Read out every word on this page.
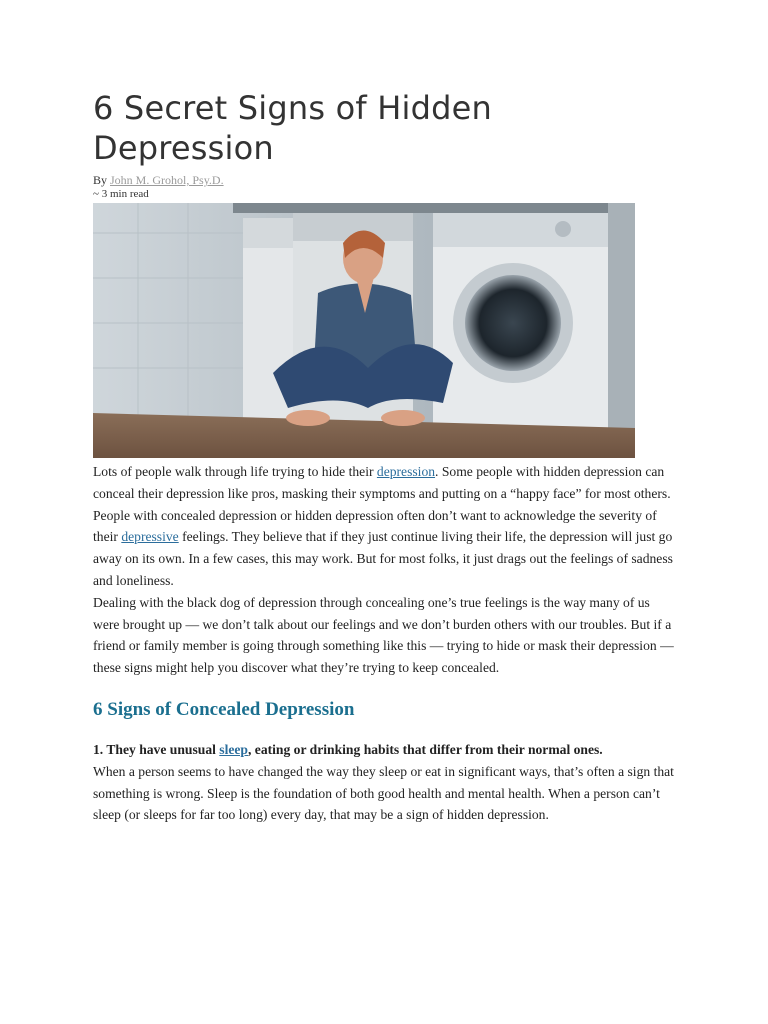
6 Secret Signs of Hidden Depression
By John M. Grohol, Psy.D.
~ 3 min read

Lots of people walk through life trying to hide their depression. Some people with hidden depression can conceal their depression like pros, masking their symptoms and putting on a “happy face” for most others.

People with concealed depression or hidden depression often don’t want to acknowledge the severity of their depressive feelings. They believe that if they just continue living their life, the depression will just go away on its own. In a few cases, this may work. But for most folks, it just drags out the feelings of sadness and loneliness.

Dealing with the black dog of depression through concealing one’s true feelings is the way many of us were brought up — we don’t talk about our feelings and we don’t burden others with our troubles. But if a friend or family member is going through something like this — trying to hide or mask their depression — these signs might help you discover what they’re trying to keep concealed.

6 Signs of Concealed Depression

1. They have unusual sleep, eating or drinking habits that differ from their normal ones.

When a person seems to have changed the way they sleep or eat in significant ways, that’s often a sign that something is wrong. Sleep is the foundation of both good health and mental health. When a person can’t sleep (or sleeps for far too long) every day, that may be a sign of hidden depression.
